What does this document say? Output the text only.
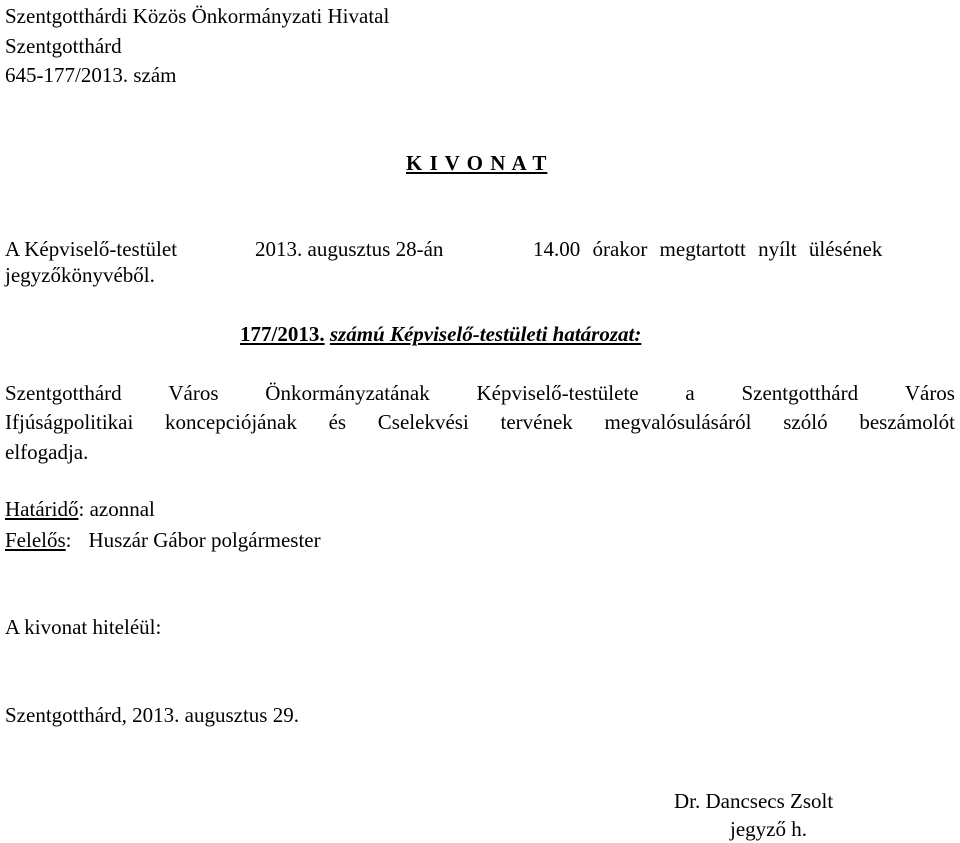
Szentgotthárdi Közös Önkormányzati Hivatal
Szentgotthárd
645-177/2013. szám
K I V O N A T
A Képviselő-testület	2013. augusztus 28-án	14.00 órakor megtartott nyílt ülésének
jegyzőkönyvéből.
177/2013. számú Képviselő-testületi határozat:
Szentgotthárd Város Önkormányzatának Képviselő-testülete a Szentgotthárd Város
Ifjúságpolitikai koncepciójának és Cselekvési tervének megvalósulásáról szóló beszámolót
elfogadja.
Határidő: azonnal
Felelős: Huszár Gábor polgármester
A kivonat hiteléül:
Szentgotthárd, 2013. augusztus 29.
Dr. Dancsecs Zsolt
jegyző h.
